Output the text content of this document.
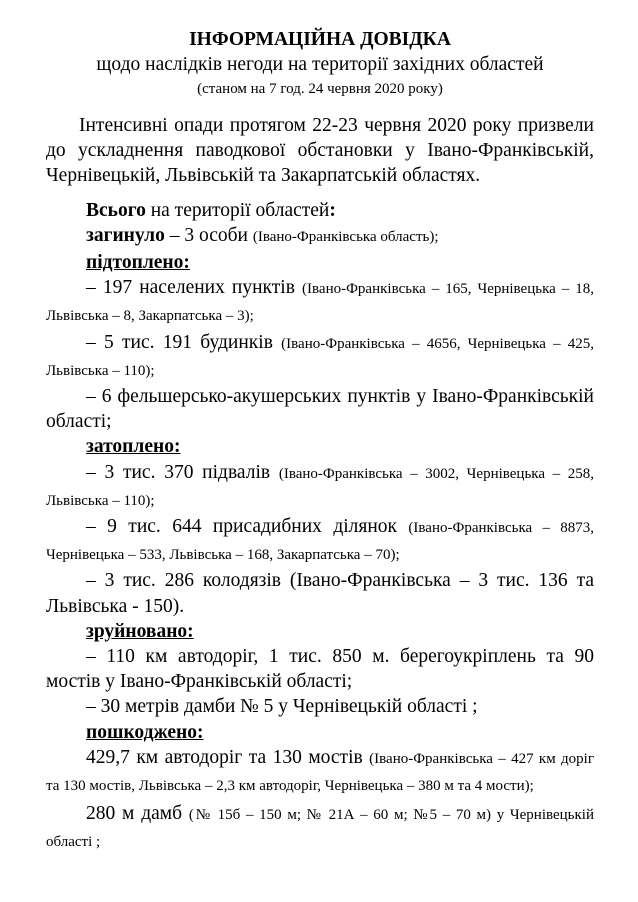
ІНФОРМАЦІЙНА ДОВІДКА
щодо наслідків негоди на території західних областей
(станом на 7 год. 24 червня 2020 року)

Інтенсивні опади протягом 22-23 червня 2020 року призвели до ускладнення паводкової обстановки у Івано-Франківській, Чернівецькій, Львівській та Закарпатській областях.

Всього на території областей:
загинуло – 3 особи (Івано-Франківська область);
підтоплено:

– 197 населених пунктів (Івано-Франківська – 165, Чернівецька – 18, Львівська – 8, Закарпатська – 3);

– 5 тис. 191 будинків (Івано-Франківська – 4656, Чернівецька – 425, Львівська – 110);

– 6 фельшерсько-акушерських пунктів у Івано-Франківській області;

затоплено:

– 3 тис. 370 підвалів (Івано-Франківська – 3002, Чернівецька – 258, Львівська – 110);

– 9 тис. 644 присадибних ділянок (Івано-Франківська – 8873, Чернівецька – 533, Львівська – 168, Закарпатська – 70);

– 3 тис. 286 колодязів (Івано-Франківська – 3 тис. 136 та Львівська - 150).

зруйновано:

– 110 км автодоріг, 1 тис. 850 м. берегоукріплень та 90 мостів у Івано-Франківській області;

– 30 метрів дамби № 5 у Чернівецькій області ;

пошкоджено:

429,7 км автодоріг та 130 мостів (Івано-Франківська – 427 км доріг та 130 мостів, Львівська – 2,3 км автодоріг, Чернівецька – 380 м та 4 мости);

280 м дамб (№ 15б – 150 м; № 21А – 60 м; №5 – 70 м) у Чернівецькій області ;
